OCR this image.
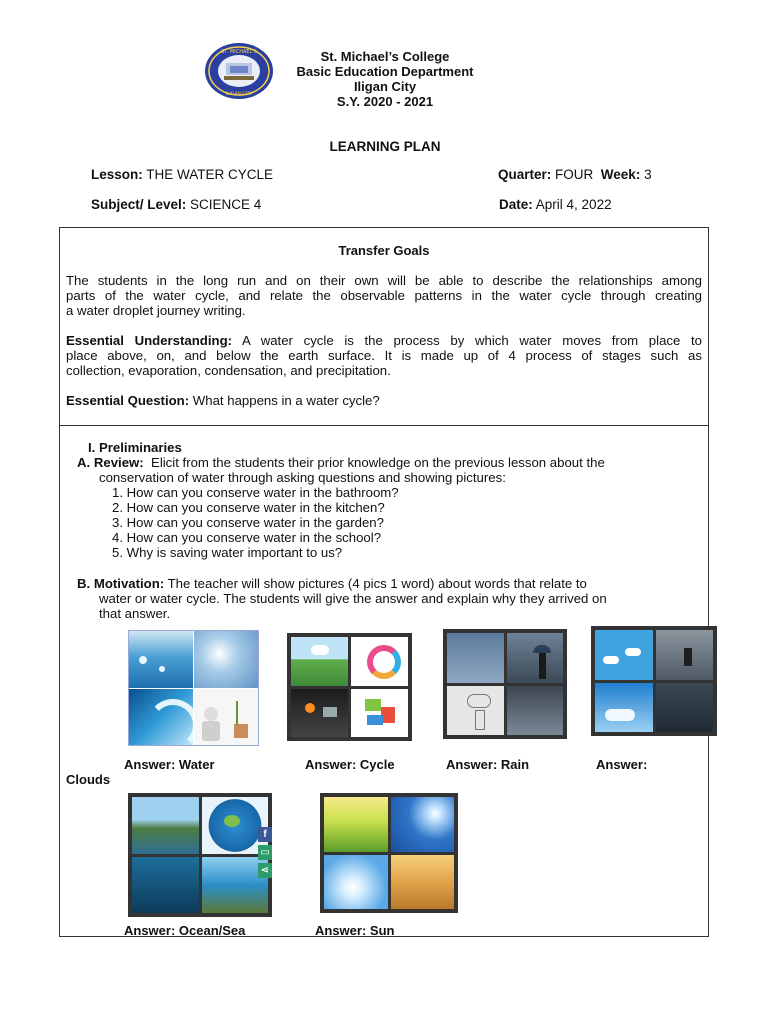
ST. MICHAEL'S
ILIGAN CITY
St. Michael’s College
Basic Education Department
Iligan City
S.Y. 2020 - 2021
LEARNING PLAN
Lesson: THE WATER CYCLE	Quarter: FOUR Week: 3
Subject/ Level: SCIENCE 4	Date: April 4, 2022
Transfer Goals
The students in the long run and on their own will be able to describe the relationships among
parts of the water cycle, and relate the observable patterns in the water cycle through creating
a water droplet journey writing.
Essential Understanding: A water cycle is the process by which water moves from place to
place above, on, and below the earth surface. It is made up of 4 process of stages such as
collection, evaporation, condensation, and precipitation.
Essential Question: What happens in a water cycle?
I. Preliminaries
A. Review: Elicit from the students their prior knowledge on the previous lesson about the
conservation of water through asking questions and showing pictures:
1. How can you conserve water in the bathroom?
2. How can you conserve water in the kitchen?
3. How can you conserve water in the garden?
4. How can you conserve water in the school?
5. Why is saving water important to us?
B. Motivation: The teacher will show pictures (4 pics 1 word) about words that relate to
water or water cycle. The students will give the answer and explain why they arrived on
that answer.
Answer: Water	Answer: Cycle	Answer: Rain	Answer:
Clouds
f
▭
⋖
Answer: Ocean/Sea	Answer: Sun
